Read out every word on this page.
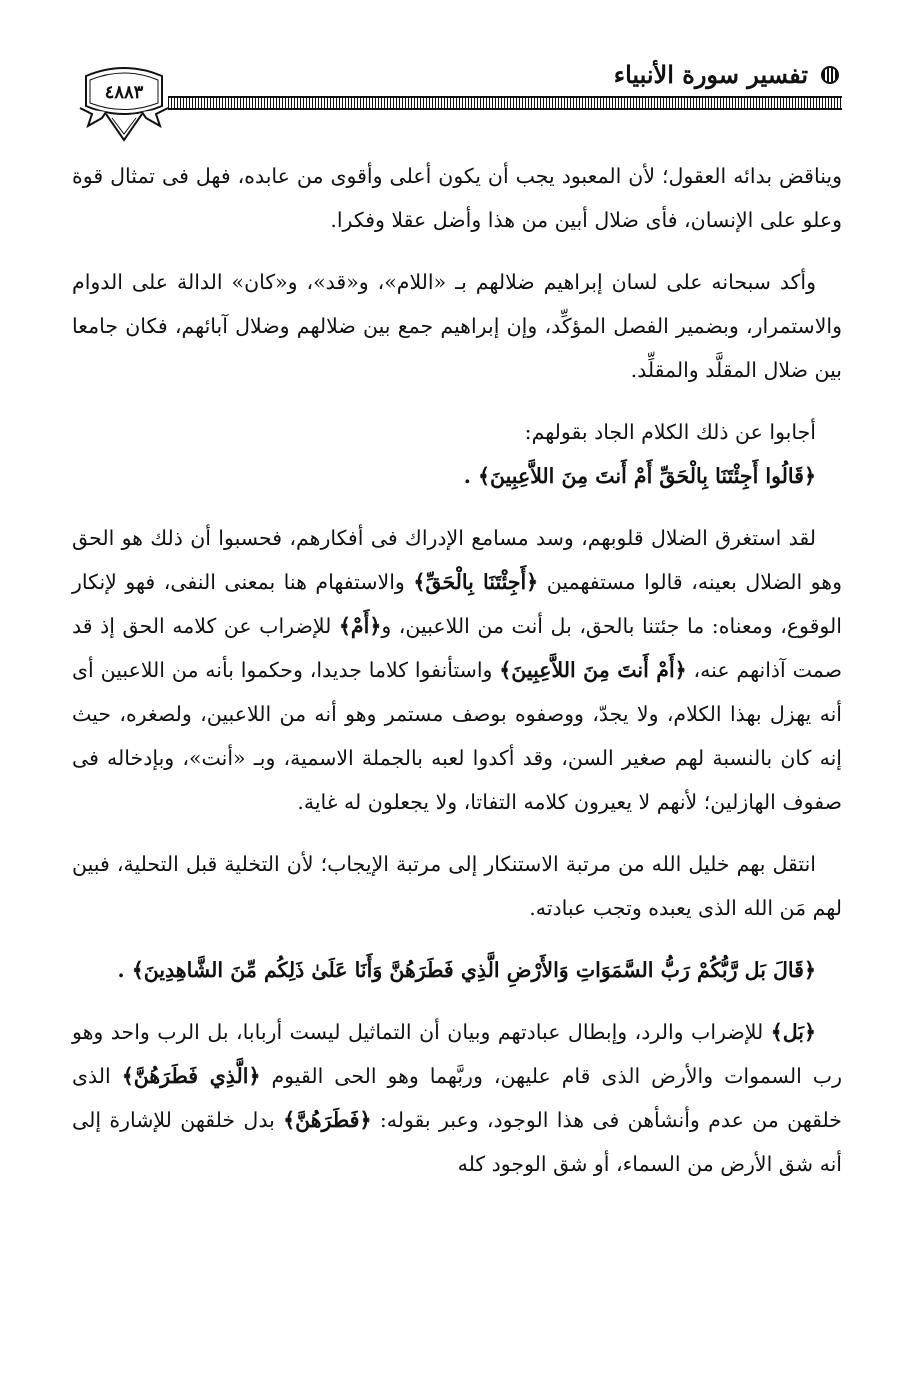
تفسير سورة الأنبياء
٤٨٨٣

ويناقض بدائه العقول؛ لأن المعبود يجب أن يكون أعلى وأقوى من عابده، فهل فى تمثال قوة وعلو على الإنسان، فأى ضلال أبين من هذا وأضل عقلا وفكرا.

وأكد سبحانه على لسان إبراهيم ضلالهم بـ «اللام»، و«قد»، و«كان» الدالة على الدوام والاستمرار، وبضمير الفصل المؤكِّد، وإن إبراهيم جمع بين ضلالهم وضلال آبائهم، فكان جامعا بين ضلال المقلَّد والمقلِّد.

أجابوا عن ذلك الكلام الجاد بقولهم:

﴿قَالُوا أَجِئْتَنَا بِالْحَقِّ أَمْ أَنتَ مِنَ اللاَّعِبِينَ﴾ .

لقد استغرق الضلال قلوبهم، وسد مسامع الإدراك فى أفكارهم، فحسبوا أن ذلك هو الحق وهو الضلال بعينه، قالوا مستفهمين ﴿أَجِئْتَنَا بِالْحَقِّ﴾ والاستفهام هنا بمعنى النفى، فهو لإنكار الوقوع، ومعناه: ما جئتنا بالحق، بل أنت من اللاعبين، و﴿أَمْ﴾ للإضراب عن كلامه الحق إذ قد صمت آذانهم عنه، ﴿أَمْ أَنتَ مِنَ اللاَّعِبِينَ﴾ واستأنفوا كلاما جديدا، وحكموا بأنه من اللاعبين أى أنه يهزل بهذا الكلام، ولا يجدّ، ووصفوه بوصف مستمر وهو أنه من اللاعبين، ولصغره، حيث إنه كان بالنسبة لهم صغير السن، وقد أكدوا لعبه بالجملة الاسمية، وبـ «أنت»، وبإدخاله فى صفوف الهازلين؛ لأنهم لا يعيرون كلامه التفاتا، ولا يجعلون له غاية.

انتقل بهم خليل الله من مرتبة الاستنكار إلى مرتبة الإيجاب؛ لأن التخلية قبل التحلية، فبين لهم مَن الله الذى يعبده وتجب عبادته.

﴿قَالَ بَل رَّبُّكُمْ رَبُّ السَّمَوَاتِ وَالأَرْضِ الَّذِي فَطَرَهُنَّ وَأَنَا عَلَىٰ ذَلِكُم مِّنَ الشَّاهِدِينَ﴾ .

﴿بَل﴾ للإضراب والرد، وإبطال عبادتهم وبيان أن التماثيل ليست أربابا، بل الرب واحد وهو رب السموات والأرض الذى قام عليهن، وربَّهما وهو الحى القيوم ﴿الَّذِي فَطَرَهُنَّ﴾ الذى خلقهن من عدم وأنشأهن فى هذا الوجود، وعبر بقوله: ﴿فَطَرَهُنَّ﴾ بدل خلقهن للإشارة إلى أنه شق الأرض من السماء، أو شق الوجود كله
